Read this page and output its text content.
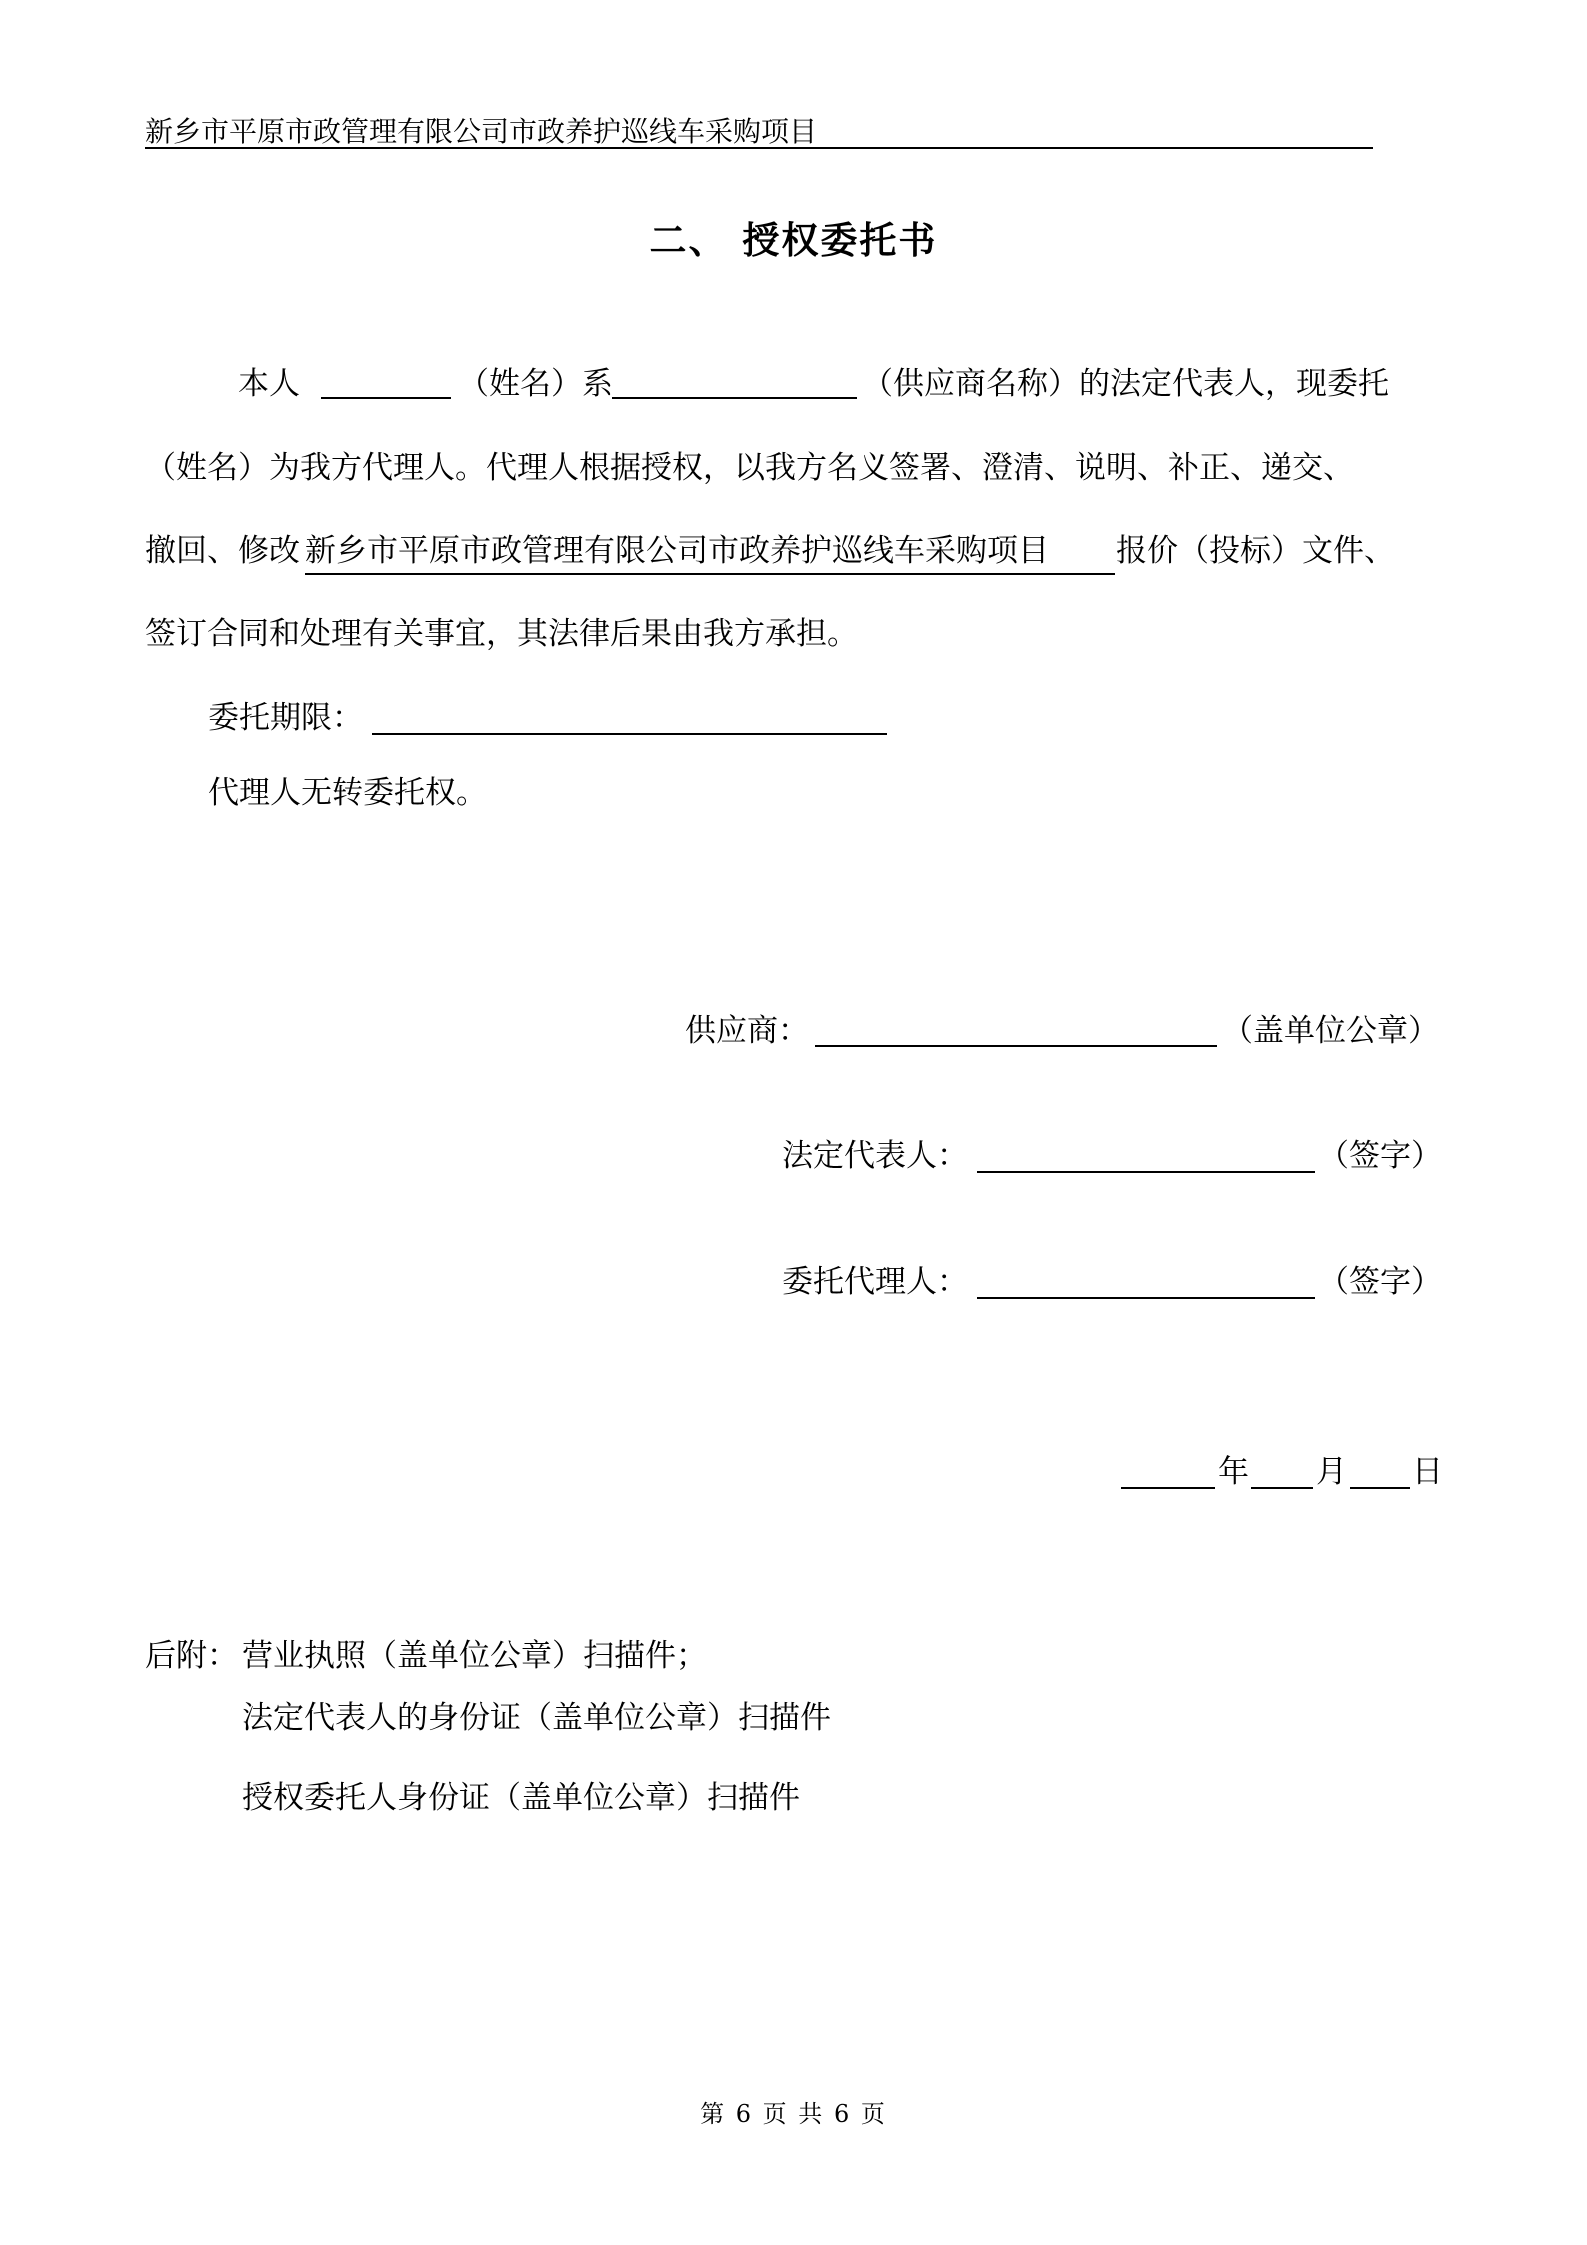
新乡市平原市政管理有限公司市政养护巡线车采购项目
二、 授权委托书
本人	（姓名）系	（供应商名称）的法定代表人，现委托
（姓名）为我方代理人。代理人根据授权，以我方名义签署、澄清、说明、补正、递交、
撤回、修改 新乡市平原市政管理有限公司市政养护巡线车采购项目	报价（投标）文件、
签订合同和处理有关事宜，其法律后果由我方承担。
委托期限：
代理人无转委托权。
供应商：	（盖单位公章）
法定代表人：	（签字）
委托代理人：	（签字）
年 月 日
后附： 营业执照（盖单位公章）扫描件；
法定代表人的身份证（盖单位公章）扫描件
授权委托人身份证（盖单位公章）扫描件
第 6 页 共 6 页
